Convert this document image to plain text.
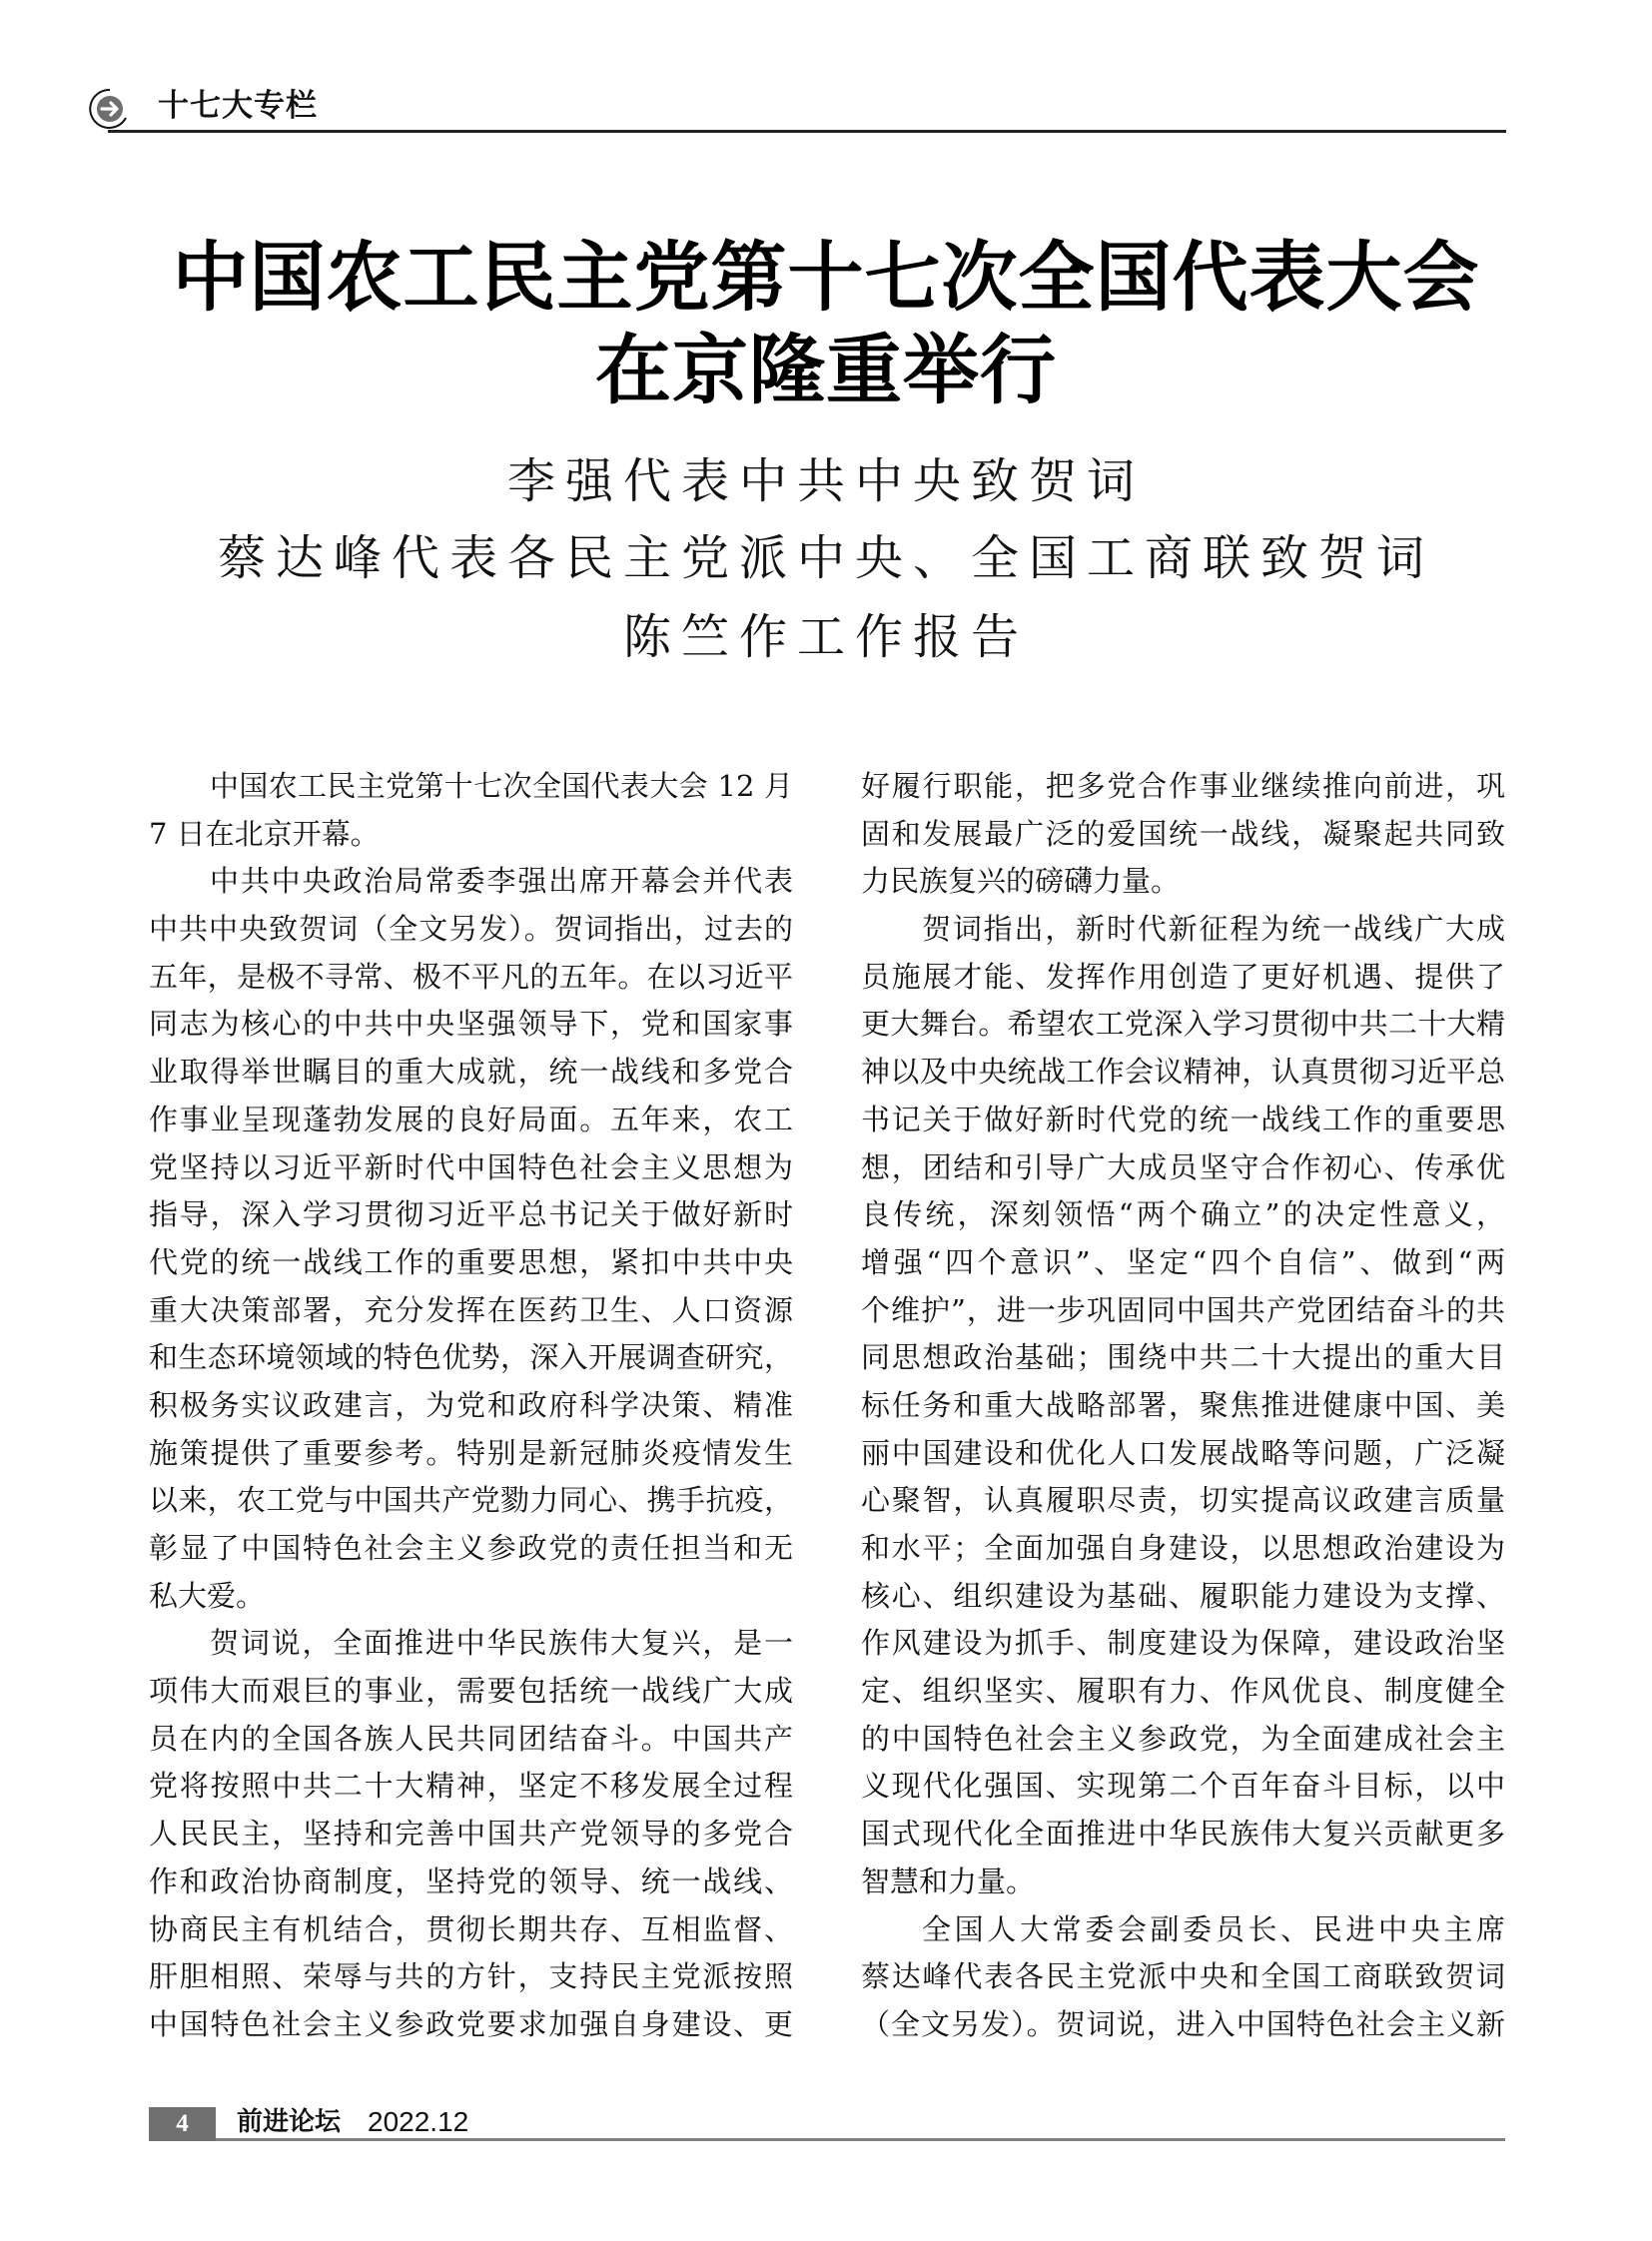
十七大专栏
中国农工民主党第十七次全国代表大会
在京隆重举行
李强代表中共中央致贺词
蔡达峰代表各民主党派中央、全国工商联致贺词
陈竺作工作报告
中国农工民主党第十七次全国代表大会 12 月
7 日在北京开幕。
中共中央政治局常委李强出席开幕会并代表
中共中央致贺词（全文另发）。贺词指出，过去的
五年，是极不寻常、极不平凡的五年。在以习近平
同志为核心的中共中央坚强领导下，党和国家事
业取得举世瞩目的重大成就，统一战线和多党合
作事业呈现蓬勃发展的良好局面。五年来，农工
党坚持以习近平新时代中国特色社会主义思想为
指导，深入学习贯彻习近平总书记关于做好新时
代党的统一战线工作的重要思想，紧扣中共中央
重大决策部署，充分发挥在医药卫生、人口资源
和生态环境领域的特色优势，深入开展调查研究，
积极务实议政建言，为党和政府科学决策、精准
施策提供了重要参考。特别是新冠肺炎疫情发生
以来，农工党与中国共产党勠力同心、携手抗疫，
彰显了中国特色社会主义参政党的责任担当和无
私大爱。
贺词说，全面推进中华民族伟大复兴，是一
项伟大而艰巨的事业，需要包括统一战线广大成
员在内的全国各族人民共同团结奋斗。中国共产
党将按照中共二十大精神，坚定不移发展全过程
人民民主，坚持和完善中国共产党领导的多党合
作和政治协商制度，坚持党的领导、统一战线、
协商民主有机结合，贯彻长期共存、互相监督、
肝胆相照、荣辱与共的方针，支持民主党派按照
中国特色社会主义参政党要求加强自身建设、更
好履行职能，把多党合作事业继续推向前进，巩
固和发展最广泛的爱国统一战线，凝聚起共同致
力民族复兴的磅礴力量。
贺词指出，新时代新征程为统一战线广大成
员施展才能、发挥作用创造了更好机遇、提供了
更大舞台。希望农工党深入学习贯彻中共二十大精
神以及中央统战工作会议精神，认真贯彻习近平总
书记关于做好新时代党的统一战线工作的重要思
想，团结和引导广大成员坚守合作初心、传承优
良传统，深刻领悟“两个确立”的决定性意义，
增强“四个意识”、坚定“四个自信”、做到“两
个维护”，进一步巩固同中国共产党团结奋斗的共
同思想政治基础；围绕中共二十大提出的重大目
标任务和重大战略部署，聚焦推进健康中国、美
丽中国建设和优化人口发展战略等问题，广泛凝
心聚智，认真履职尽责，切实提高议政建言质量
和水平；全面加强自身建设，以思想政治建设为
核心、组织建设为基础、履职能力建设为支撑、
作风建设为抓手、制度建设为保障，建设政治坚
定、组织坚实、履职有力、作风优良、制度健全
的中国特色社会主义参政党，为全面建成社会主
义现代化强国、实现第二个百年奋斗目标，以中
国式现代化全面推进中华民族伟大复兴贡献更多
智慧和力量。
全国人大常委会副委员长、民进中央主席
蔡达峰代表各民主党派中央和全国工商联致贺词
（全文另发）。贺词说，进入中国特色社会主义新
4	前进论坛 2022.12
